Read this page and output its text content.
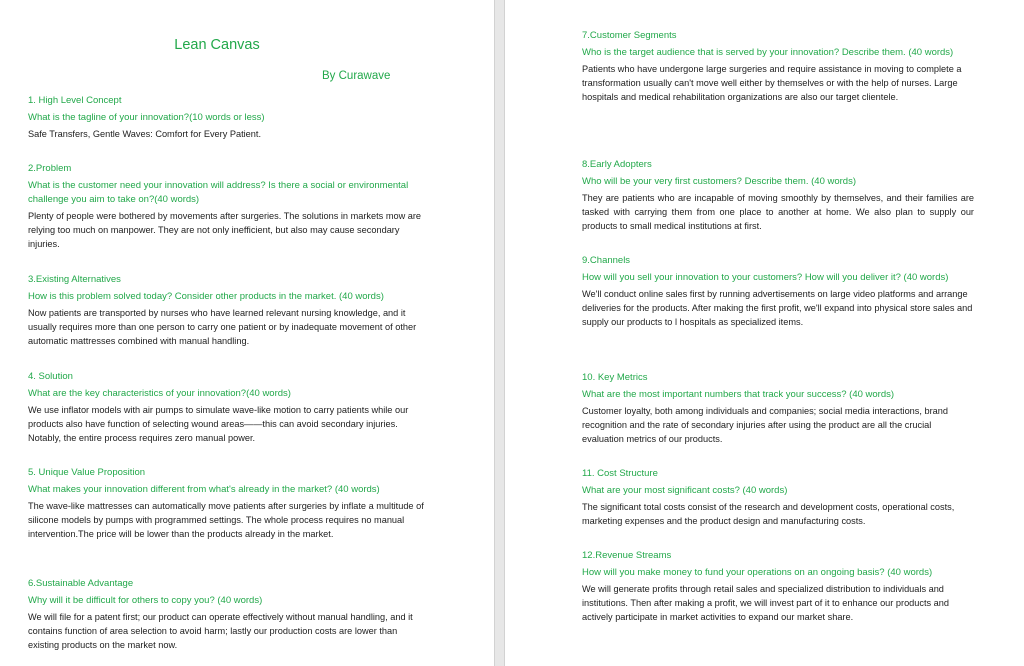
Lean Canvas

By Curawave

1. High Level Concept

What is the tagline of your innovation?(10 words or less)

Safe Transfers, Gentle Waves: Comfort for Every Patient.

2.Problem

What is the customer need your innovation will address? Is there a social or environmental challenge you aim to take on?(40 words)

Plenty of people were bothered by movements after surgeries. The solutions in markets mow are relying too much on manpower. They are not only inefficient, but also may cause secondary injuries.

3.Existing Alternatives

How is this problem solved today? Consider other products in the market. (40 words)

Now patients are transported by nurses who have learned relevant nursing knowledge, and it usually requires more than one person to carry one patient or by inadequate movement of other automatic mattresses combined with manual handling.

4. Solution

What are the key characteristics of your innovation?(40 words)

We use inflator models with air pumps to simulate wave-like motion to carry patients while our products also have function of selecting wound areas——this can avoid secondary injuries. Notably, the entire process requires zero manual power.

5. Unique Value Proposition

What makes your innovation different from what's already in the market? (40 words)

The wave-like mattresses can automatically move patients after surgeries by inflate a multitude of silicone models by pumps with programmed settings. The whole process requires no manual intervention.The price will be lower than the products already in the market.

6.Sustainable Advantage

Why will it be difficult for others to copy you? (40 words)

We will file for a patent first; our product can operate effectively without manual handling, and it contains function of area selection to avoid harm; lastly our production costs are lower than existing products on the market now.

7.Customer Segments

Who is the target audience that is served by your innovation? Describe them. (40 words)

Patients who have undergone large surgeries and require assistance in moving to complete a transformation usually can't move well either by themselves or with the help of nurses. Large hospitals and medical rehabilitation organizations are also our target clientele.

8.Early Adopters

Who will be your very first customers? Describe them. (40 words)

They are patients who are incapable of moving smoothly by themselves, and their families are tasked with carrying them from one place to another at home. We also plan to supply our products to small medical institutions at first.

9.Channels

How will you sell your innovation to your customers? How will you deliver it? (40 words)

We'll conduct online sales first by running advertisements on large video platforms and arrange deliveries for the products. After making the first profit, we'll expand into physical store sales and supply our products to l hospitals as specialized items.

10. Key Metrics

What are the most important numbers that track your success? (40 words)

Customer loyalty, both among individuals and companies; social media interactions, brand recognition and the rate of secondary injuries after using the product are all the crucial evaluation metrics of our products.

11. Cost Structure

What are your most significant costs? (40 words)

The significant total costs consist of the research and development costs, operational costs, marketing expenses and the product design and manufacturing costs.

12.Revenue Streams

How will you make money to fund your operations on an ongoing basis? (40 words)

We will generate profits through retail sales and specialized distribution to individuals and institutions. Then after making a profit, we will invest part of it to enhance our products and actively participate in market activities to expand our market share.
